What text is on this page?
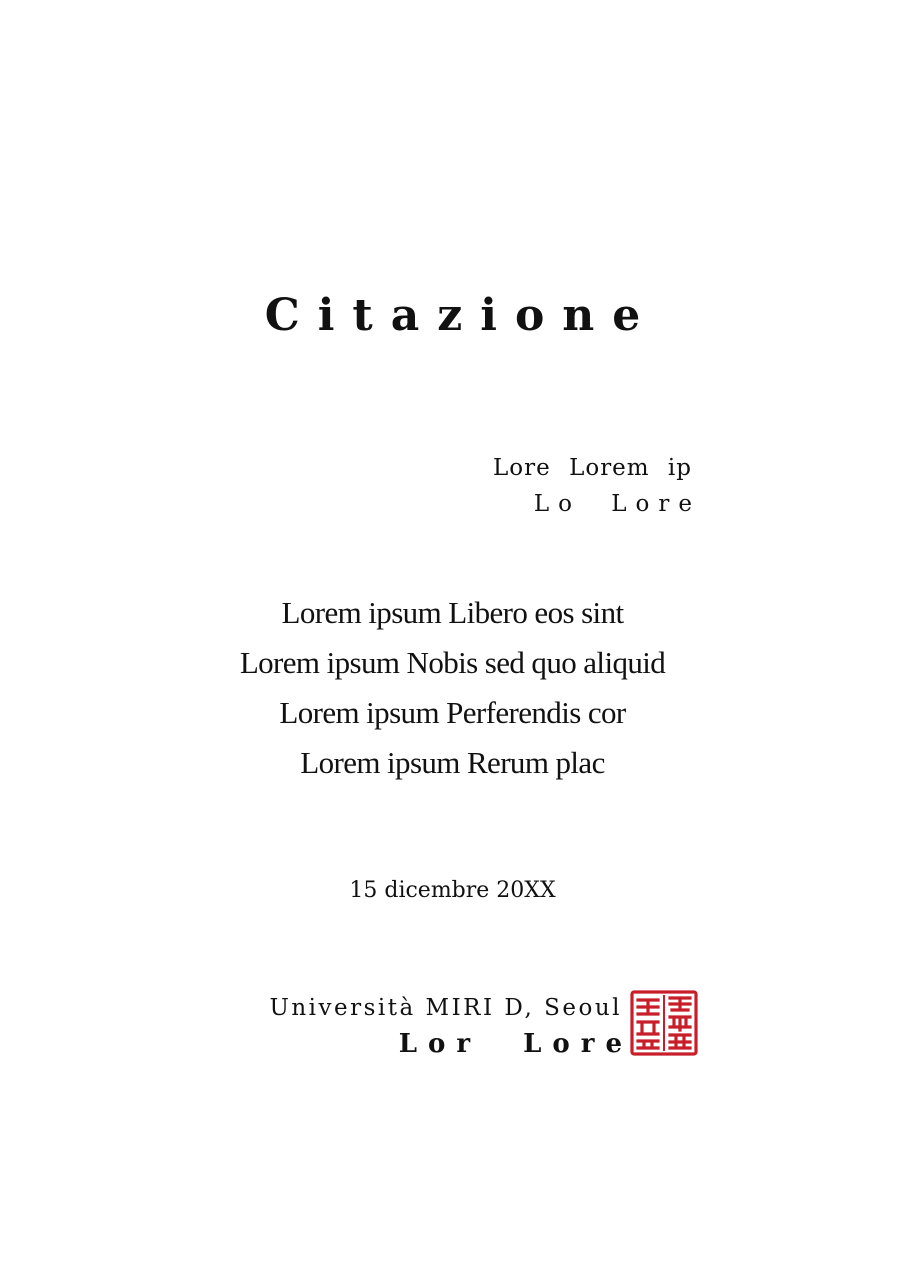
Citazione
Lore Lorem ip
Lo Lore
Lorem ipsum Libero eos sint
Lorem ipsum Nobis sed quo aliquid
Lorem ipsum Perferendis cor
Lorem ipsum Rerum plac
15 dicembre 20XX
Università MIRI D, Seoul
Lor Lore
